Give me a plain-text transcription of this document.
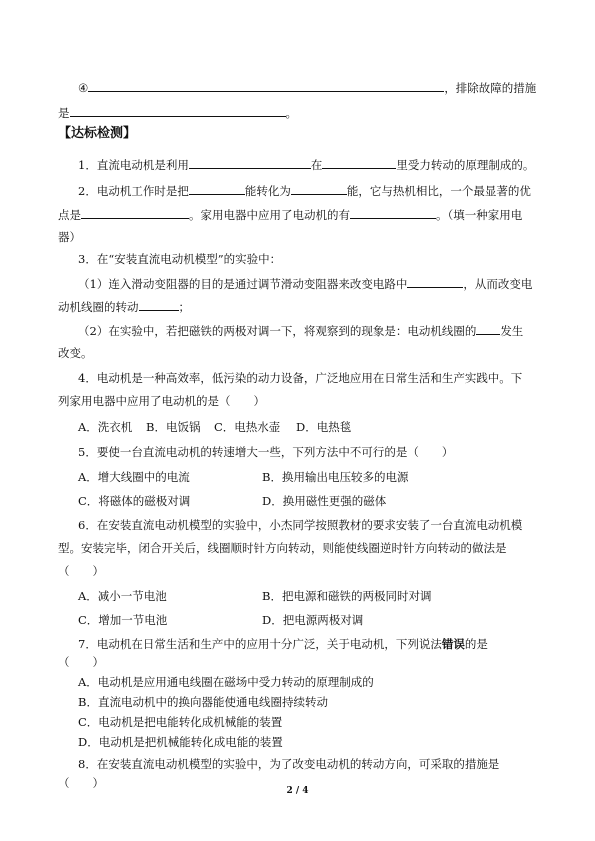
④	，排除故障的措施
是	。
【达标检测】
1．直流电动机是利用	在	里受力转动的原理制成的。
2．电动机工作时是把	能转化为	能，它与热机相比，一个最显著的优
点是	。家用电器中应用了电动机的有	。（填一种家用电
器）
3．在“安装直流电动机模型”的实验中：
（1）连入滑动变阻器的目的是通过调节滑动变阻器来改变电路中	，从而改变电
动机线圈的转动	；
（2）在实验中，若把磁铁的两极对调一下，将观察到的现象是：电动机线圈的 发生
改变。
4．电动机是一种高效率，低污染的动力设备，广泛地应用在日常生活和生产实践中。下
列家用电器中应用了电动机的是（　　）
A．洗衣机 B．电饭锅 C．电热水壶 D．电热毯
5．要使一台直流电动机的转速增大一些，下列方法中不可行的是（　　）
A．增大线圈中的电流	B．换用输出电压较多的电源
C．将磁体的磁极对调	D．换用磁性更强的磁体
6．在安装直流电动机模型的实验中，小杰同学按照教材的要求安装了一台直流电动机模
型。安装完毕，闭合开关后，线圈顺时针方向转动，则能使线圈逆时针方向转动的做法是
（　　）
A．减小一节电池	B．把电源和磁铁的两极同时对调
C．增加一节电池	D．把电源两极对调
7．电动机在日常生活和生产中的应用十分广泛，关于电动机，下列说法错误的是
（　　）
A．电动机是应用通电线圈在磁场中受力转动的原理制成的
B．直流电动机中的换向器能使通电线圈持续转动
C．电动机是把电能转化成机械能的装置
D．电动机是把机械能转化成电能的装置
8．在安装直流电动机模型的实验中，为了改变电动机的转动方向，可采取的措施是
（　　）
2 / 4
